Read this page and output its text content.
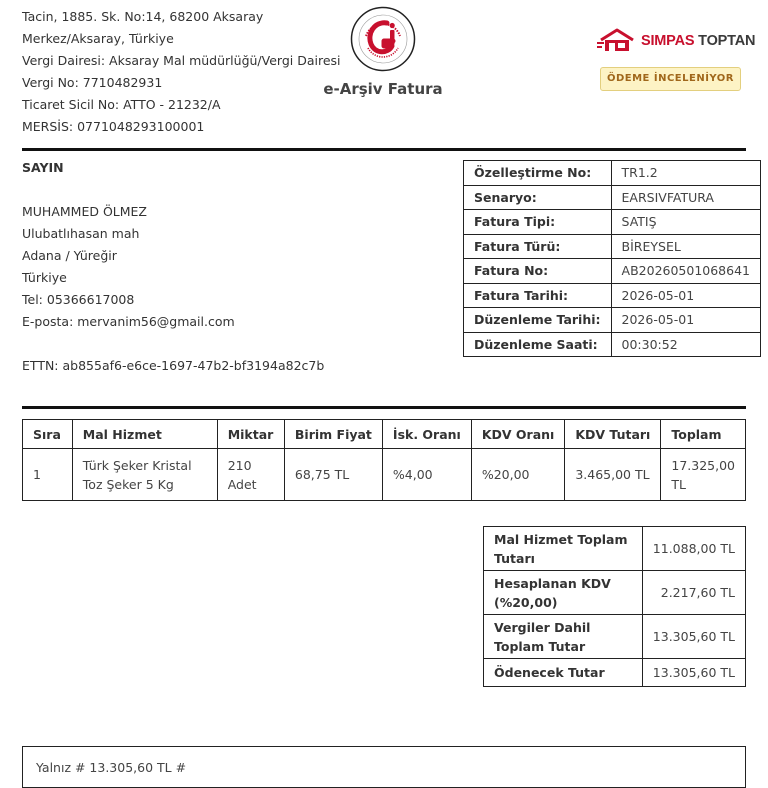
Tacin, 1885. Sk. No:14, 68200 Aksaray
Merkez/Aksaray, Türkiye
Vergi Dairesi: Aksaray Mal müdürlüğü/Vergi Dairesi
Vergi No: 7710482931
Ticaret Sicil No: ATTO - 21232/A
MERSİS: 0771048293100001
e-Arşiv Fatura
SIMPAS TOPTAN
ÖDEME İNCELENİYOR
SAYIN
MUHAMMED ÖLMEZ
Ulubatlıhasan mah
Adana / Yüreğir
Türkiye
Tel: 05366617008
E-posta: mervanim56@gmail.com
ETTN: ab855af6-e6ce-1697-47b2-bf3194a82c7b
Özelleştirme No:	TR1.2
Senaryo:	EARSIVFATURA
Fatura Tipi:	SATIŞ
Fatura Türü:	BİREYSEL
Fatura No:	AB20260501068641
Fatura Tarihi:	2026-05-01
Düzenleme Tarihi:	2026-05-01
Düzenleme Saati:	00:30:52
Sıra	Mal Hizmet	Miktar	Birim Fiyat	İsk. Oranı	KDV Oranı	KDV Tutarı	Toplam
1	Türk Şeker Kristal Toz Şeker 5 Kg	210 Adet	68,75 TL	%4,00	%20,00	3.465,00 TL	17.325,00 TL
Mal Hizmet Toplam Tutarı	11.088,00 TL
Hesaplanan KDV (%20,00)	2.217,60 TL
Vergiler Dahil Toplam Tutar	13.305,60 TL
Ödenecek Tutar	13.305,60 TL
Yalnız # 13.305,60 TL #
